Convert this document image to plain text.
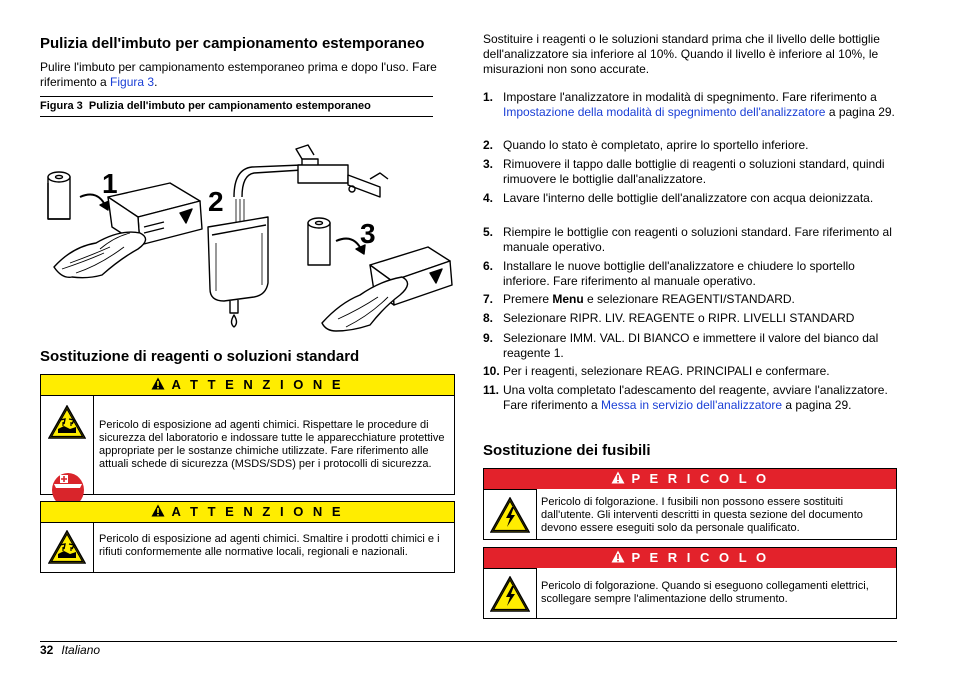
Pulizia dell'imbuto per campionamento estemporaneo
Pulire l'imbuto per campionamento estemporaneo prima e dopo l'uso. Fare riferimento a Figura 3.
Figura 3 Pulizia dell'imbuto per campionamento estemporaneo
1
2
3
Sostituzione di reagenti o soluzioni standard
A T T E N Z I O N E
Pericolo di esposizione ad agenti chimici. Rispettare le procedure di sicurezza del laboratorio e indossare tutte le apparecchiature protettive appropriate per le sostanze chimiche utilizzate. Fare riferimento alle attuali schede di sicurezza (MSDS/SDS) per i protocolli di sicurezza.
A T T E N Z I O N E
Pericolo di esposizione ad agenti chimici. Smaltire i prodotti chimici e i rifiuti conformemente alle normative locali, regionali e nazionali.
Sostituire i reagenti o le soluzioni standard prima che il livello delle bottiglie dell'analizzatore sia inferiore al 10%. Quando il livello è inferiore al 10%, le misurazioni non sono accurate.
1. Impostare l'analizzatore in modalità di spegnimento. Fare riferimento a Impostazione della modalità di spegnimento dell'analizzatore a pagina 29.
2. Quando lo stato è completato, aprire lo sportello inferiore.
3. Rimuovere il tappo dalle bottiglie di reagenti o soluzioni standard, quindi rimuovere le bottiglie dall'analizzatore.
4. Lavare l'interno delle bottiglie dell'analizzatore con acqua deionizzata.
5. Riempire le bottiglie con reagenti o soluzioni standard. Fare riferimento al manuale operativo.
6. Installare le nuove bottiglie dell'analizzatore e chiudere lo sportello inferiore. Fare riferimento al manuale operativo.
7. Premere Menu e selezionare REAGENTI/STANDARD.
8. Selezionare RIPR. LIV. REAGENTE o RIPR. LIVELLI STANDARD
9. Selezionare IMM. VAL. DI BIANCO e immettere il valore del bianco dal reagente 1.
10. Per i reagenti, selezionare REAG. PRINCIPALI e confermare.
11. Una volta completato l'adescamento del reagente, avviare l'analizzatore. Fare riferimento a Messa in servizio dell'analizzatore a pagina 29.
Sostituzione dei fusibili
P E R I C O L O
Pericolo di folgorazione. I fusibili non possono essere sostituiti dall'utente. Gli interventi descritti in questa sezione del documento devono essere eseguiti solo da personale qualificato.
P E R I C O L O
Pericolo di folgorazione. Quando si eseguono collegamenti elettrici, scollegare sempre l'alimentazione dello strumento.
32 Italiano
